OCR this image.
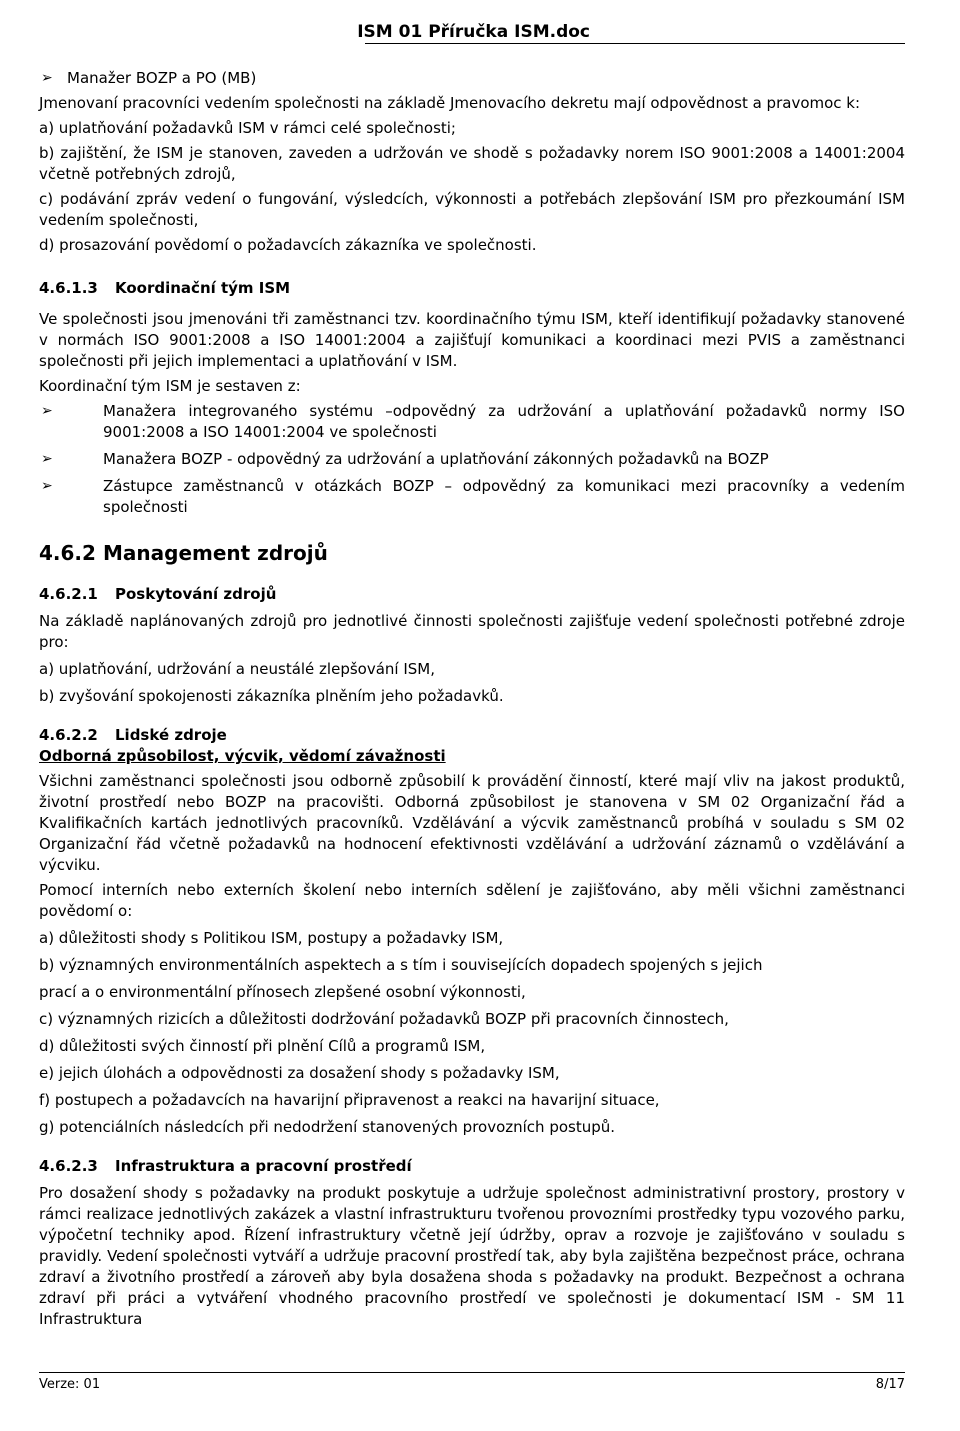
ISM 01 Příručka ISM.doc
➢ Manažer BOZP a PO (MB)

Jmenovaní pracovníci vedením společnosti na základě Jmenovacího dekretu mají odpovědnost a pravomoc k:

a) uplatňování požadavků ISM v rámci celé společnosti;

b) zajištění, že ISM je stanoven, zaveden a udržován ve shodě s požadavky norem ISO 9001:2008 a 14001:2004 včetně potřebných zdrojů,

c) podávání zpráv vedení o fungování, výsledcích, výkonnosti a potřebách zlepšování ISM pro přezkoumání ISM vedením společnosti,

d) prosazování povědomí o požadavcích zákazníka ve společnosti.

4.6.1.3	Koordinační tým ISM

Ve společnosti jsou jmenováni tři zaměstnanci tzv. koordinačního týmu ISM, kteří identifikují požadavky stanovené v normách ISO 9001:2008 a ISO 14001:2004 a zajišťují komunikaci a koordinaci mezi PVIS a zaměstnanci společnosti při jejich implementaci a uplatňování v ISM.

Koordinační tým ISM je sestaven z:

➢	Manažera integrovaného systému –odpovědný za udržování a uplatňování požadavků normy ISO 9001:2008 a ISO 14001:2004 ve společnosti
➢	Manažera BOZP - odpovědný za udržování a uplatňování zákonných požadavků na BOZP
➢	Zástupce zaměstnanců v otázkách BOZP – odpovědný za komunikaci mezi pracovníky a vedením společnosti
4.6.2 Management zdrojů
4.6.2.1	Poskytování zdrojů

Na základě naplánovaných zdrojů pro jednotlivé činnosti společnosti zajišťuje vedení společnosti potřebné zdroje pro:

a) uplatňování, udržování a neustálé zlepšování ISM,

b) zvyšování spokojenosti zákazníka plněním jeho požadavků.

4.6.2.2	Lidské zdroje

Odborná způsobilost, výcvik, vědomí závažnosti

Všichni zaměstnanci společnosti jsou odborně způsobilí k provádění činností, které mají vliv na jakost produktů, životní prostředí nebo BOZP na pracovišti. Odborná způsobilost je stanovena v SM 02 Organizační řád a Kvalifikačních kartách jednotlivých pracovníků. Vzdělávání a výcvik zaměstnanců probíhá v souladu s SM 02 Organizační řád včetně požadavků na hodnocení efektivnosti vzdělávání a udržování záznamů o vzdělávání a výcviku.

Pomocí interních nebo externích školení nebo interních sdělení je zajišťováno, aby měli všichni zaměstnanci povědomí o:

a) důležitosti shody s Politikou ISM, postupy a požadavky ISM,

b) významných environmentálních aspektech a s tím i souvisejících dopadech spojených s jejich

prací a o environmentální přínosech zlepšené osobní výkonnosti,

c) významných rizicích a důležitosti dodržování požadavků BOZP při pracovních činnostech,

d) důležitosti svých činností při plnění Cílů a programů ISM,

e) jejich úlohách a odpovědnosti za dosažení shody s požadavky ISM,

f) postupech a požadavcích na havarijní připravenost a reakci na havarijní situace,

g) potenciálních následcích při nedodržení stanovených provozních postupů.

4.6.2.3	Infrastruktura a pracovní prostředí

Pro dosažení shody s požadavky na produkt poskytuje a udržuje společnost administrativní prostory, prostory v rámci realizace jednotlivých zakázek a vlastní infrastrukturu tvořenou provozními prostředky typu vozového parku, výpočetní techniky apod. Řízení infrastruktury včetně její údržby, oprav a rozvoje je zajišťováno v souladu s pravidly. Vedení společnosti vytváří a udržuje pracovní prostředí tak, aby byla zajištěna bezpečnost práce, ochrana zdraví a životního prostředí a zároveň aby byla dosažena shoda s požadavky na produkt. Bezpečnost a ochrana zdraví při práci a vytváření vhodného pracovního prostředí ve společnosti je dokumentací ISM - SM 11 Infrastruktura

Verze: 01	8/17
